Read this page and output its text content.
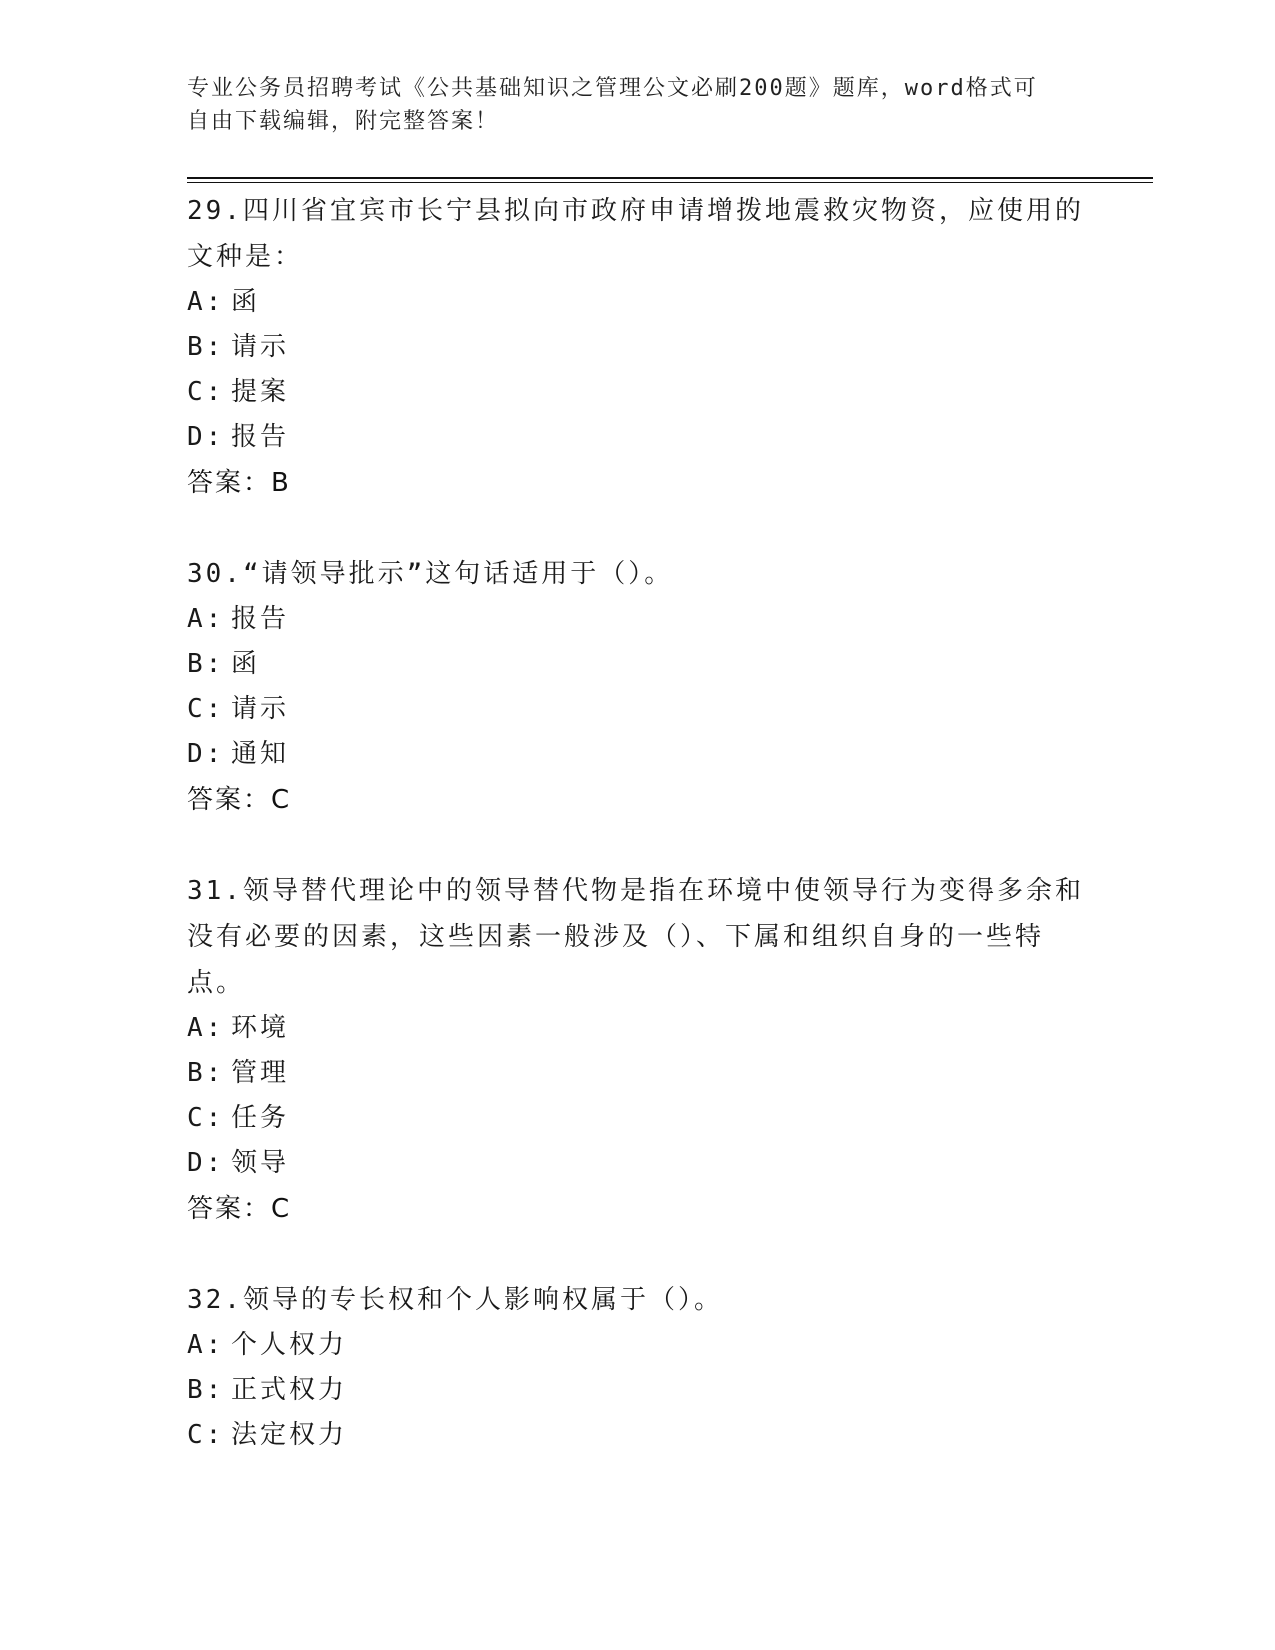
专业公务员招聘考试《公共基础知识之管理公文必刷200题》题库，word格式可
自由下载编辑，附完整答案！
29.四川省宜宾市长宁县拟向市政府申请增拨地震救灾物资，应使用的
文种是：
A: 函
B: 请示
C: 提案
D: 报告
答案：B
30.“请领导批示”这句话适用于（）。
A: 报告
B: 函
C: 请示
D: 通知
答案：C
31.领导替代理论中的领导替代物是指在环境中使领导行为变得多余和
没有必要的因素，这些因素一般涉及（）、下属和组织自身的一些特
点。
A: 环境
B: 管理
C: 任务
D: 领导
答案：C
32.领导的专长权和个人影响权属于（）。
A: 个人权力
B: 正式权力
C: 法定权力
